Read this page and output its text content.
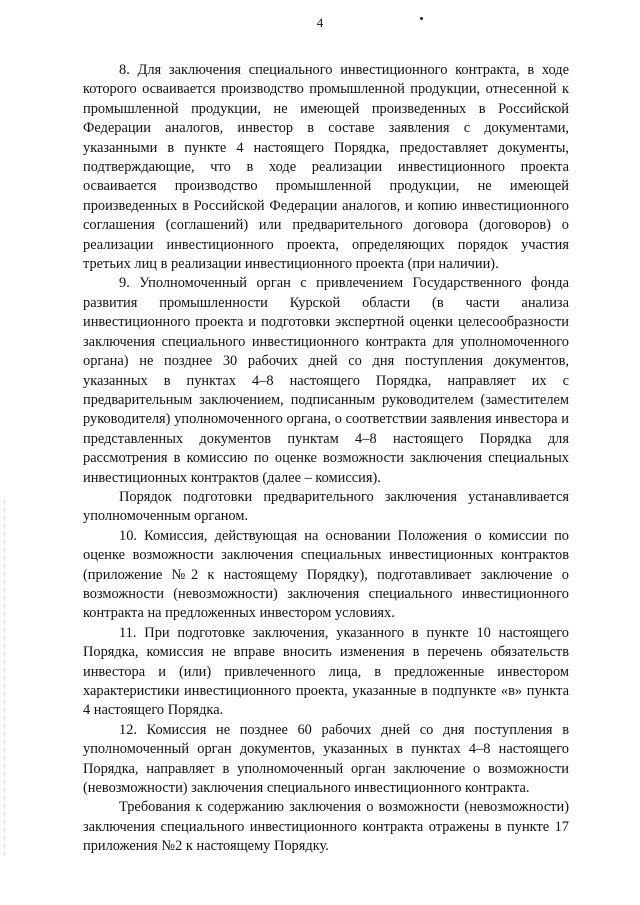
4

8. Для заключения специального инвестиционного контракта, в ходе которого осваивается производство промышленной продукции, отнесенной к промышленной продукции, не имеющей произведенных в Российской Федерации аналогов, инвестор в составе заявления с документами, указанными в пункте 4 настоящего Порядка, предоставляет документы, подтверждающие, что в ходе реализации инвестиционного проекта осваивается производство промышленной продукции, не имеющей произведенных в Российской Федерации аналогов, и копию инвестиционного соглашения (соглашений) или предварительного договора (договоров) о реализации инвестиционного проекта, определяющих порядок участия третьих лиц в реализации инвестиционного проекта (при наличии).

9. Уполномоченный орган с привлечением Государственного фонда развития промышленности Курской области (в части анализа инвестиционного проекта и подготовки экспертной оценки целесообразности заключения специального инвестиционного контракта для уполномоченного органа) не позднее 30 рабочих дней со дня поступления документов, указанных в пунктах 4–8 настоящего Порядка, направляет их с предварительным заключением, подписанным руководителем (заместителем руководителя) уполномоченного органа, о соответствии заявления инвестора и представленных документов пунктам 4–8 настоящего Порядка для рассмотрения в комиссию по оценке возможности заключения специальных инвестиционных контрактов (далее – комиссия).

Порядок подготовки предварительного заключения устанавливается уполномоченным органом.

10. Комиссия, действующая на основании Положения о комиссии по оценке возможности заключения специальных инвестиционных контрактов (приложение №2 к настоящему Порядку), подготавливает заключение о возможности (невозможности) заключения специального инвестиционного контракта на предложенных инвестором условиях.

11. При подготовке заключения, указанного в пункте 10 настоящего Порядка, комиссия не вправе вносить изменения в перечень обязательств инвестора и (или) привлеченного лица, в предложенные инвестором характеристики инвестиционного проекта, указанные в подпункте «в» пункта 4 настоящего Порядка.

12. Комиссия не позднее 60 рабочих дней со дня поступления в уполномоченный орган документов, указанных в пунктах 4–8 настоящего Порядка, направляет в уполномоченный орган заключение о возможности (невозможности) заключения специального инвестиционного контракта.

Требования к содержанию заключения о возможности (невозможности) заключения специального инвестиционного контракта отражены в пункте 17 приложения №2 к настоящему Порядку.
